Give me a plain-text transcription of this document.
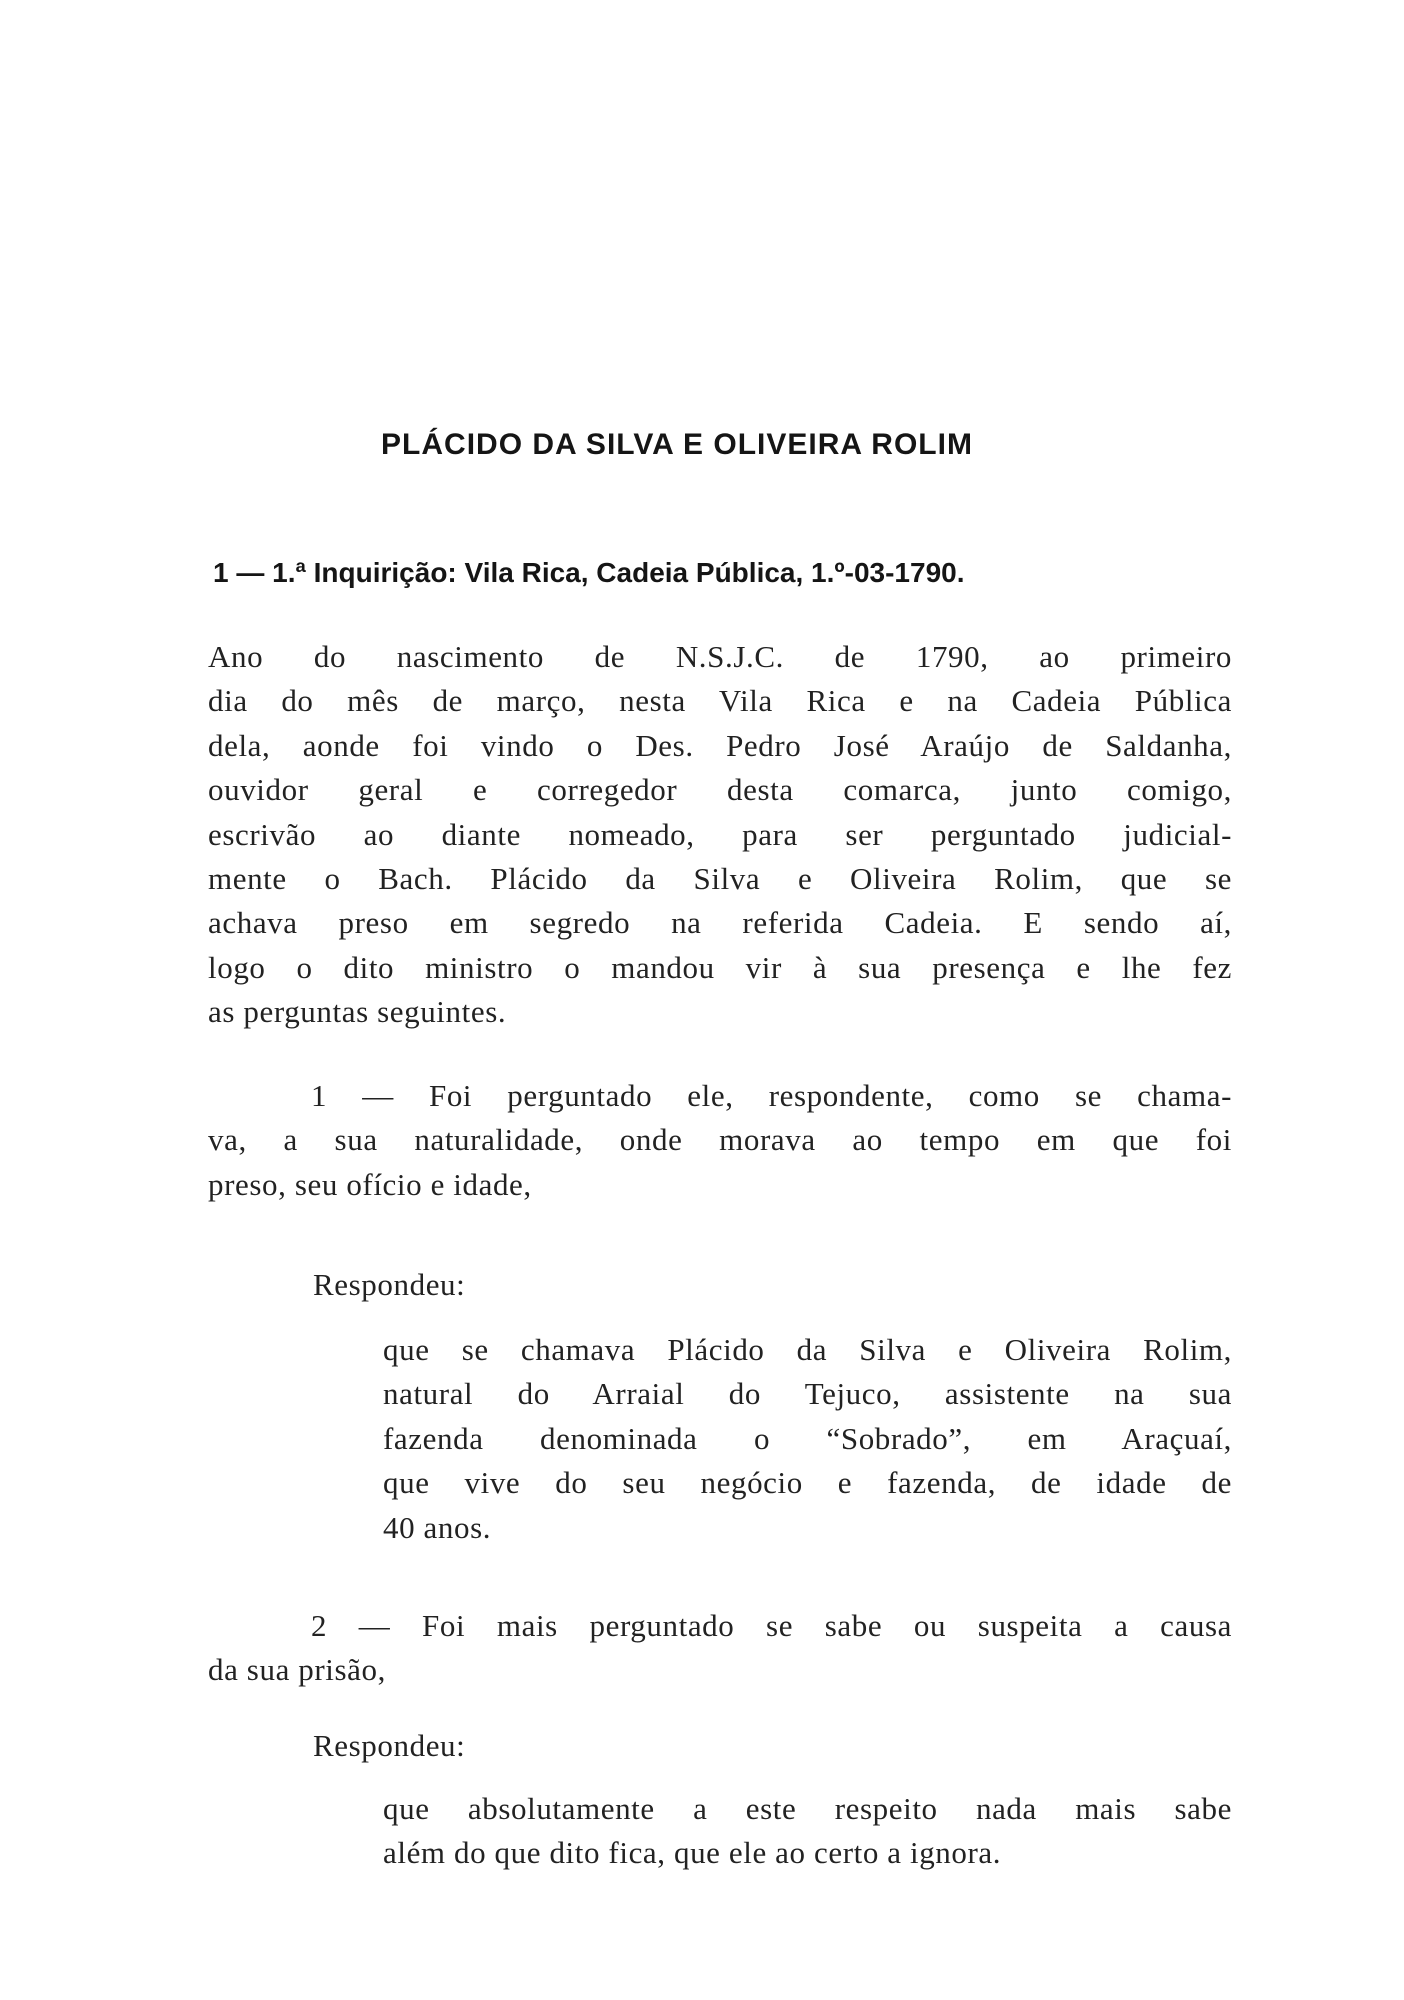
PLÁCIDO DA SILVA E OLIVEIRA ROLIM
1 — 1.ª Inquirição: Vila Rica, Cadeia Pública, 1.º-03-1790.
Ano do nascimento de N.S.J.C. de 1790, ao primeiro
dia do mês de março, nesta Vila Rica e na Cadeia Pública
dela, aonde foi vindo o Des. Pedro José Araújo de Saldanha,
ouvidor geral e corregedor desta comarca, junto comigo,
escrivão ao diante nomeado, para ser perguntado judicial-
mente o Bach. Plácido da Silva e Oliveira Rolim, que se
achava preso em segredo na referida Cadeia. E sendo aí,
logo o dito ministro o mandou vir à sua presença e lhe fez
as perguntas seguintes.
1 — Foi perguntado ele, respondente, como se chama-
va, a sua naturalidade, onde morava ao tempo em que foi
preso, seu ofício e idade,
Respondeu:
que se chamava Plácido da Silva e Oliveira Rolim,
natural do Arraial do Tejuco, assistente na sua
fazenda denominada o “Sobrado”, em Araçuaí,
que vive do seu negócio e fazenda, de idade de
40 anos.
2 — Foi mais perguntado se sabe ou suspeita a causa
da sua prisão,
Respondeu:
que absolutamente a este respeito nada mais sabe
além do que dito fica, que ele ao certo a ignora.
